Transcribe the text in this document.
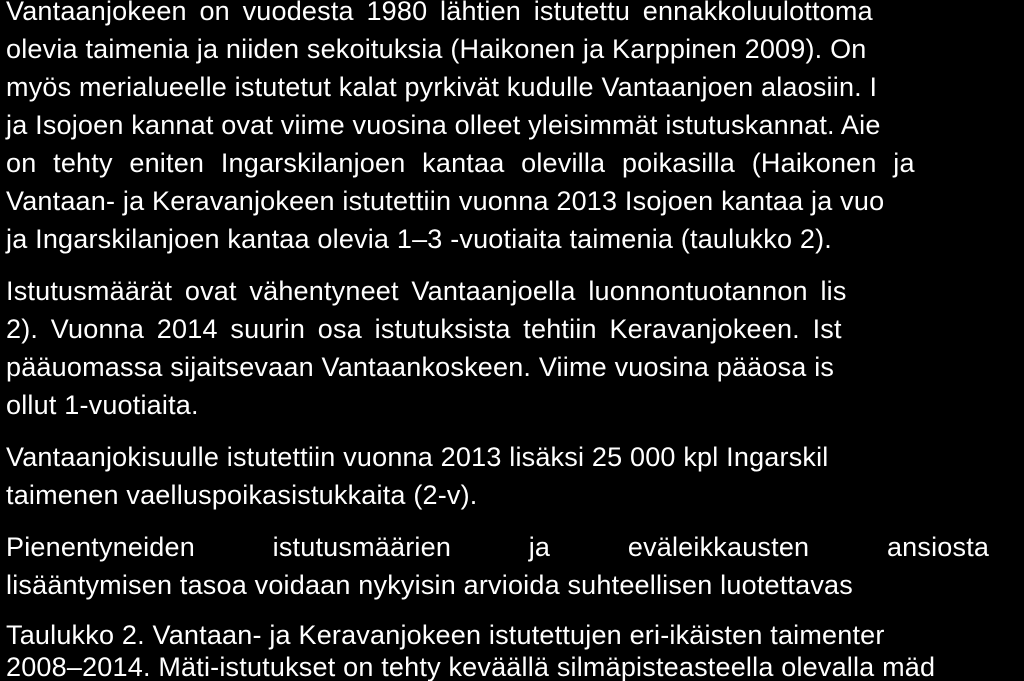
Vantaanjokeen on vuodesta 1980 lähtien istutettu ennakkoluulottoma
olevia taimenia ja niiden sekoituksia (Haikonen ja Karppinen 2009). On
myös merialueelle istutetut kalat pyrkivät kudulle Vantaanjoen alaosiin. I
ja Isojoen kannat ovat viime vuosina olleet yleisimmät istutuskannat. Aie
on tehty eniten Ingarskilanjoen kantaa olevilla poikasilla (Haikonen ja
Vantaan- ja Keravanjokeen istutettiin vuonna 2013 Isojoen kantaa ja vuo
ja Ingarskilanjoen kantaa olevia 1–3 -vuotiaita taimenia (taulukko 2).
Istutusmäärät ovat vähentyneet Vantaanjoella luonnontuotannon lis
2). Vuonna 2014 suurin osa istutuksista tehtiin Keravanjokeen. Ist
pääuomassa sijaitsevaan Vantaankoskeen. Viime vuosina pääosa is
ollut 1-vuotiaita.
Vantaanjokisuulle istutettiin vuonna 2013 lisäksi 25 000 kpl Ingarskil
taimenen vaelluspoikasistukkaita (2-v).
Pienentyneiden istutusmäärien ja eväleikkausten ansiosta
lisääntymisen tasoa voidaan nykyisin arvioida suhteellisen luotettavas
Taulukko 2. Vantaan- ja Keravanjokeen istutettujen eri-ikäisten taimenter
2008–2014. Mäti-istutukset on tehty keväällä silmäpisteasteella olevalla mäd
